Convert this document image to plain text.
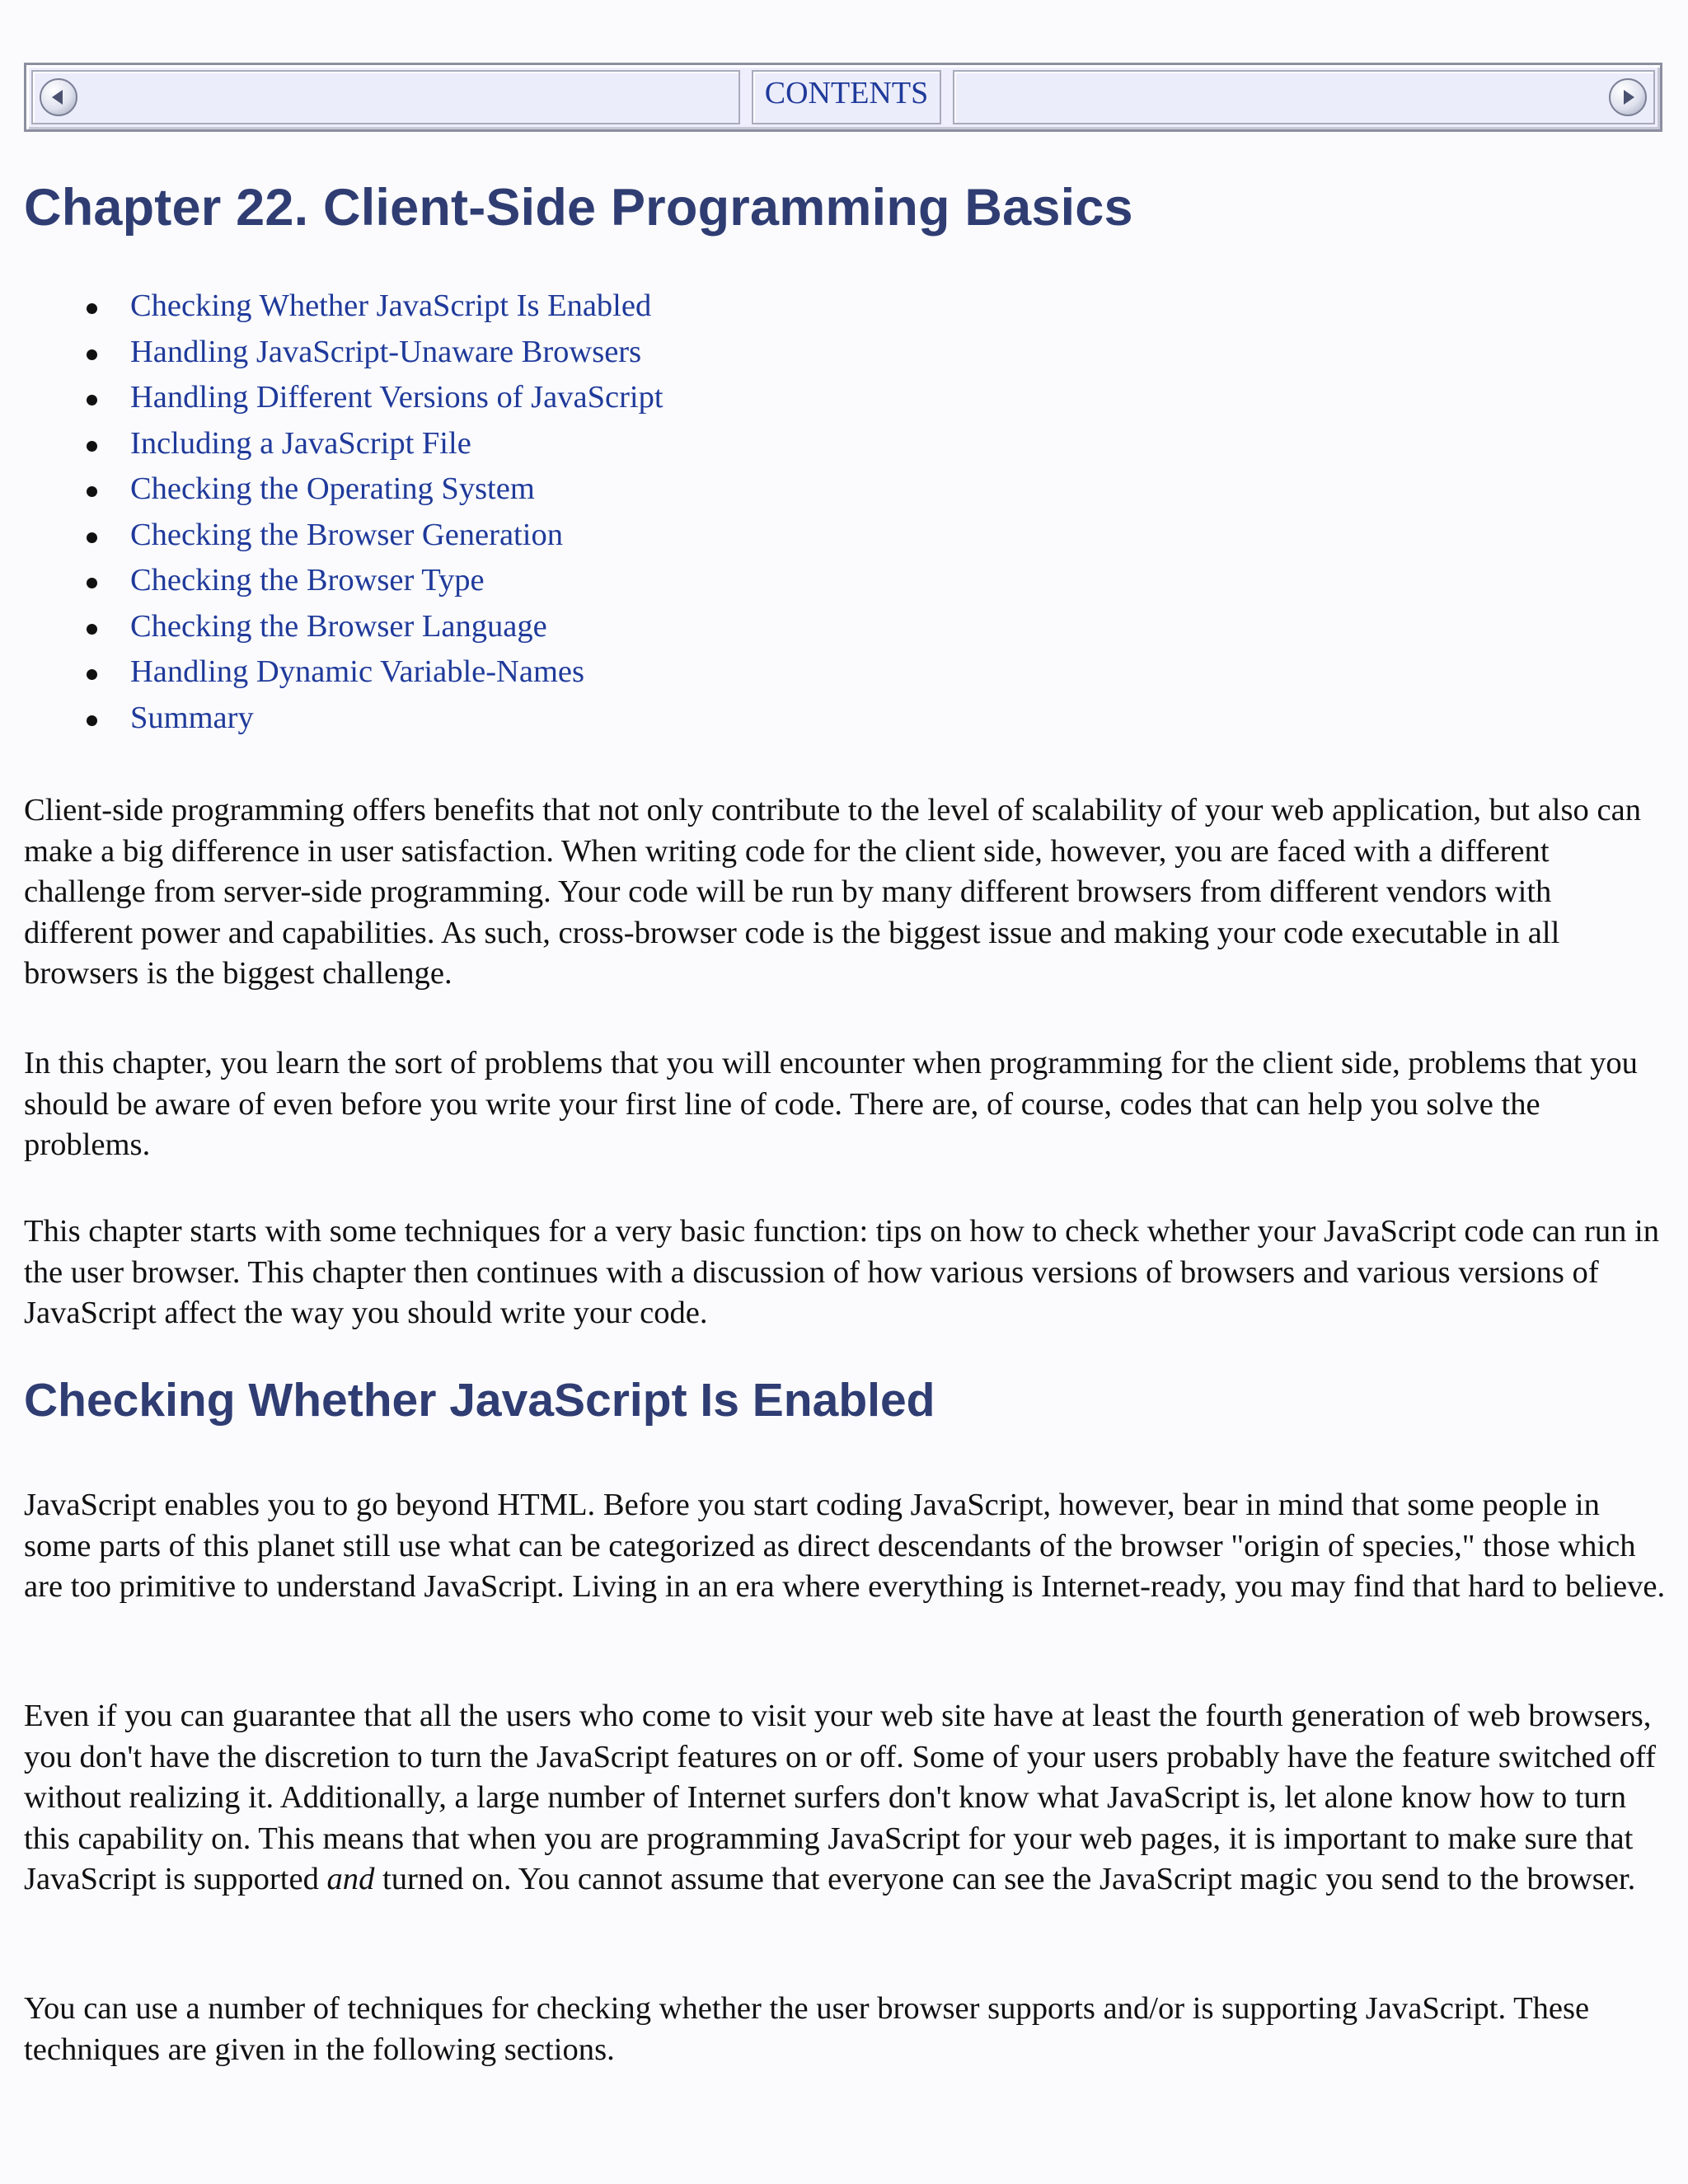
CONTENTS
Chapter 22. Client-Side Programming Basics
Checking Whether JavaScript Is Enabled
Handling JavaScript-Unaware Browsers
Handling Different Versions of JavaScript
Including a JavaScript File
Checking the Operating System
Checking the Browser Generation
Checking the Browser Type
Checking the Browser Language
Handling Dynamic Variable-Names
Summary

Client-side programming offers benefits that not only contribute to the level of scalability of your web application, but also can make a big difference in user satisfaction. When writing code for the client side, however, you are faced with a different challenge from server-side programming. Your code will be run by many different browsers from different vendors with different power and capabilities. As such, cross-browser code is the biggest issue and making your code executable in all browsers is the biggest challenge.

In this chapter, you learn the sort of problems that you will encounter when programming for the client side, problems that you should be aware of even before you write your first line of code. There are, of course, codes that can help you solve the problems.

This chapter starts with some techniques for a very basic function: tips on how to check whether your JavaScript code can run in the user browser. This chapter then continues with a discussion of how various versions of browsers and various versions of JavaScript affect the way you should write your code.

Checking Whether JavaScript Is Enabled

JavaScript enables you to go beyond HTML. Before you start coding JavaScript, however, bear in mind that some people in some parts of this planet still use what can be categorized as direct descendants of the browser "origin of species," those which are too primitive to understand JavaScript. Living in an era where everything is Internet-ready, you may find that hard to believe.

Even if you can guarantee that all the users who come to visit your web site have at least the fourth generation of web browsers, you don't have the discretion to turn the JavaScript features on or off. Some of your users probably have the feature switched off without realizing it. Additionally, a large number of Internet surfers don't know what JavaScript is, let alone know how to turn this capability on. This means that when you are programming JavaScript for your web pages, it is important to make sure that JavaScript is supported and turned on. You cannot assume that everyone can see the JavaScript magic you send to the browser.

You can use a number of techniques for checking whether the user browser supports and/or is supporting JavaScript. These techniques are given in the following sections.
